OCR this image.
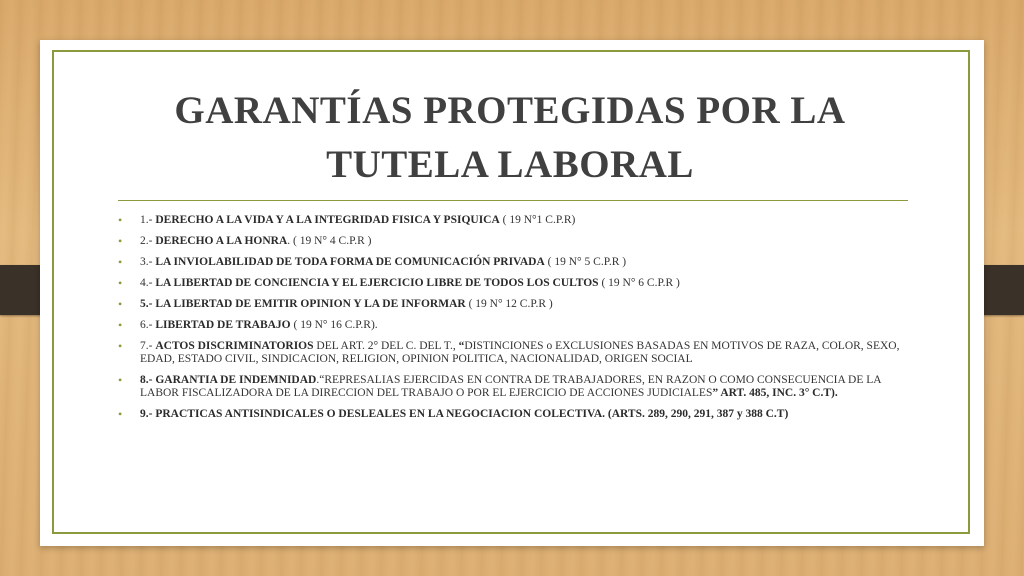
GARANTÍAS PROTEGIDAS POR LA TUTELA LABORAL
• 1.- DERECHO A LA VIDA Y A LA INTEGRIDAD FISICA Y PSIQUICA ( 19 N°1 C.P.R)
• 2.- DERECHO A LA HONRA. ( 19 N° 4 C.P.R )
• 3.- LA INVIOLABILIDAD DE TODA FORMA DE COMUNICACIÓN PRIVADA ( 19 N° 5 C.P.R )
• 4.- LA LIBERTAD DE CONCIENCIA Y EL EJERCICIO LIBRE DE TODOS LOS CULTOS ( 19 N° 6 C.P.R )
• 5.- LA LIBERTAD DE EMITIR OPINION Y LA DE INFORMAR ( 19 N° 12 C.P.R )
• 6.- LIBERTAD DE TRABAJO ( 19 N° 16 C.P.R).
• 7.- ACTOS DISCRIMINATORIOS DEL ART. 2° DEL C. DEL T., “DISTINCIONES o EXCLUSIONES BASADAS EN MOTIVOS DE RAZA, COLOR, SEXO, EDAD, ESTADO CIVIL, SINDICACION, RELIGION, OPINION POLITICA, NACIONALIDAD, ORIGEN SOCIAL
• 8.- GARANTIA DE INDEMNIDAD.“REPRESALIAS EJERCIDAS EN CONTRA DE TRABAJADORES, EN RAZON O COMO CONSECUENCIA DE LA LABOR FISCALIZADORA DE LA DIRECCION DEL TRABAJO O POR EL EJERCICIO DE ACCIONES JUDICIALES” ART. 485, INC. 3° C.T).
• 9.- PRACTICAS ANTISINDICALES O DESLEALES EN LA NEGOCIACION COLECTIVA. (ARTS. 289, 290, 291, 387 y 388 C.T)
